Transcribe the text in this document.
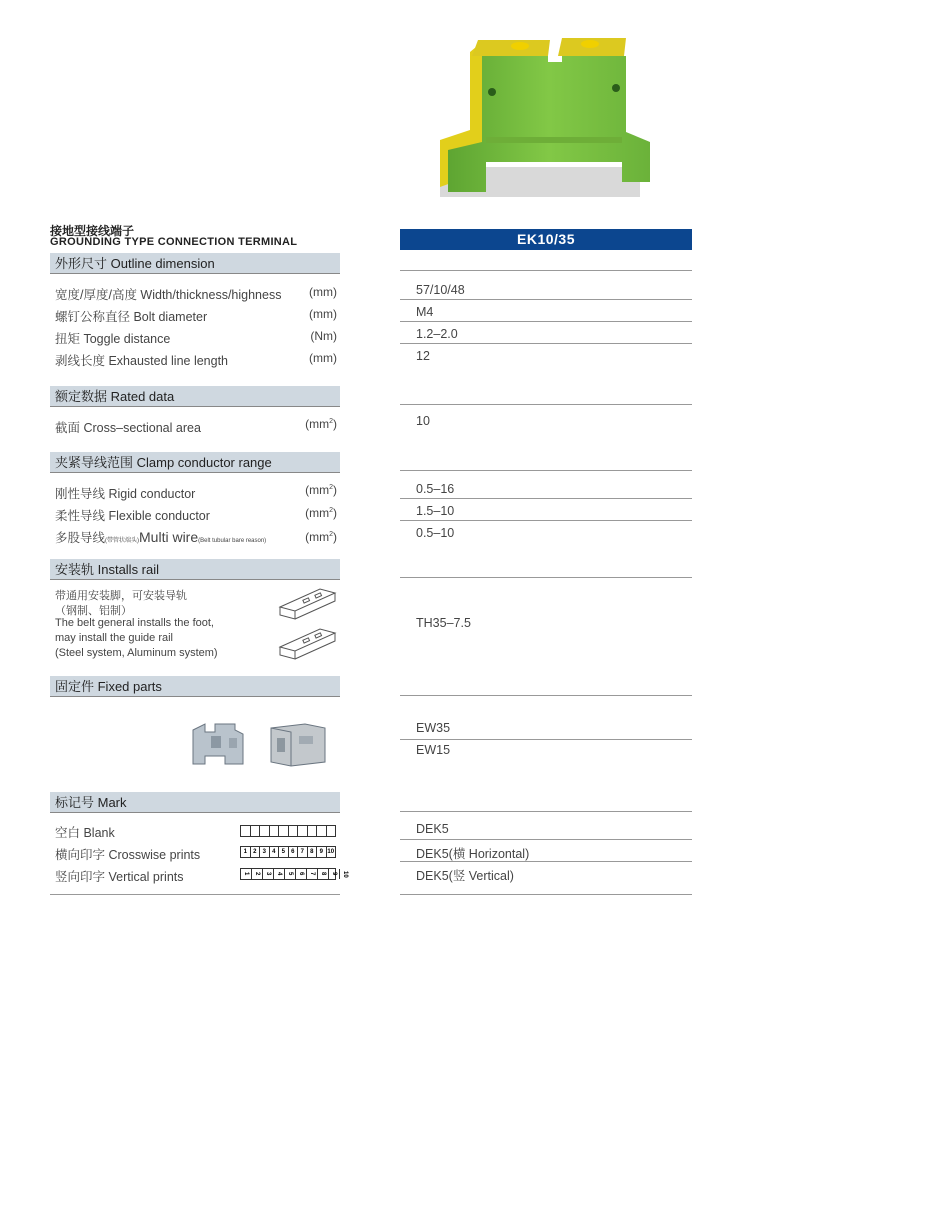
接地型接线端子
GROUNDING TYPE CONNECTION TERMINAL	EK10/35
外形尺寸 Outline dimension
宽度/厚度/高度 Width/thickness/highness	(mm)	57/10/48
螺钉公称直径 Bolt diameter	(mm)	M4
扭矩 Toggle distance	(Nm)	1.2–2.0
剥线长度 Exhausted line length	(mm)	12
额定数据 Rated data
截面 Cross–sectional area	$(mm^2)$	10
夹紧导线范围 Clamp conductor range
刚性导线 Rigid conductor	$(mm^2)$	0.5–16
柔性导线 Flexible conductor	$(mm^2)$	1.5–10
多股导线(带管状端头)Multi wire(Belt tubular bare reason)	$(mm^2)$	0.5–10
安装轨 Installs rail
带通用安装脚，可安装导轨
（钢制、铝制）
The belt general installs the foot,
may install the guide rail
(Steel system, Aluminum system)
TH35–7.5
固定件 Fixed parts
EW35
EW15
标记号 Mark
空白 Blank	DEK5
横向印字 Crosswise prints	1	2	3	4	5	6	7	8	9 10	DEK5(横 Horizontal)
竖向印字 Vertical prints	1 2 3 4 5 6 7 8 9 10	DEK5(竖 Vertical)
